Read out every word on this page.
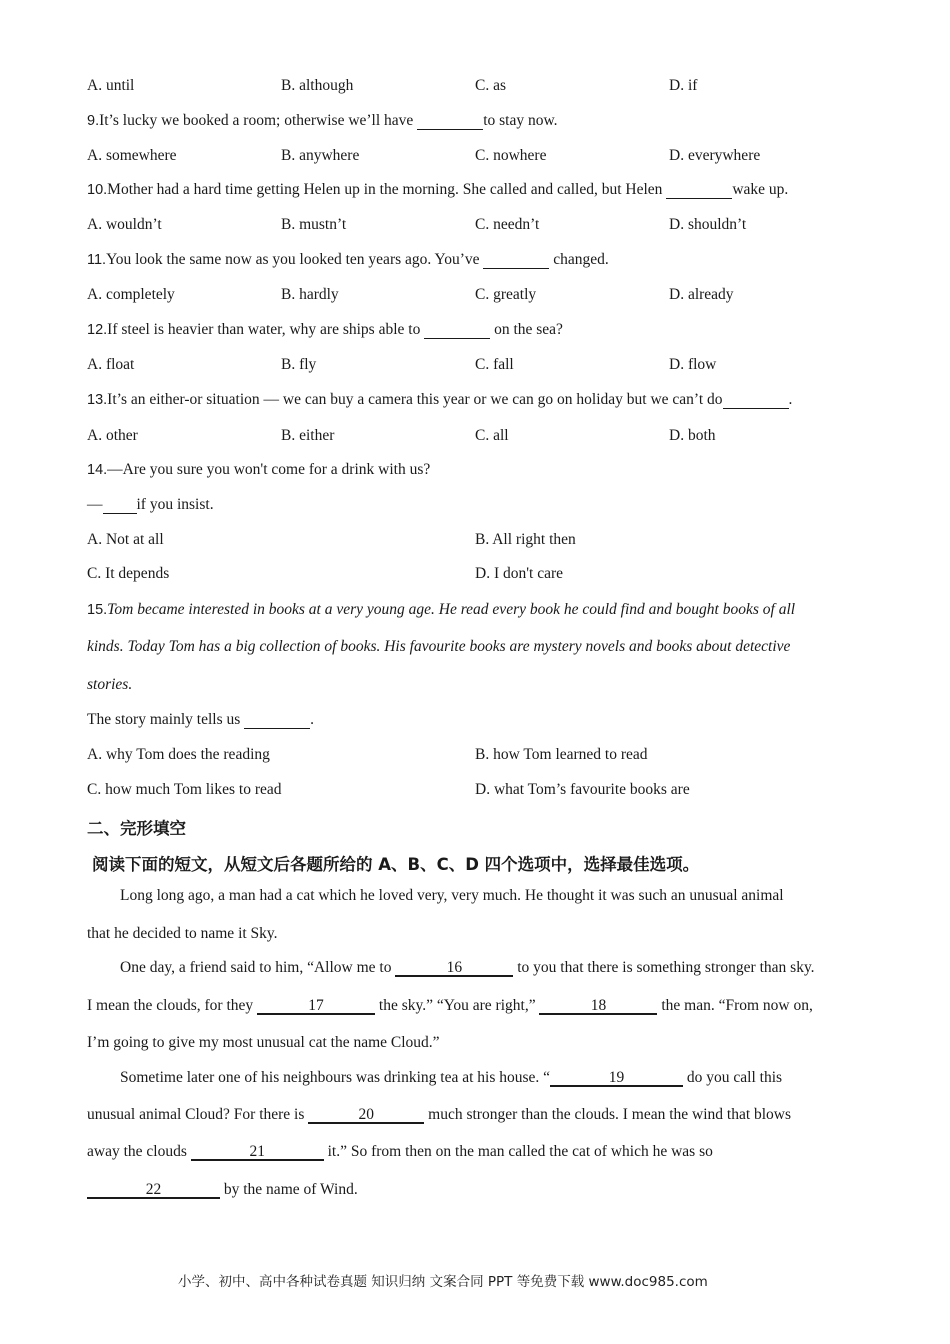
A. until	B. although	C. as	D. if
9.It’s lucky we booked a room; otherwise we’ll have	to stay now.
A. somewhere	B. anywhere	C. nowhere	D. everywhere
10.Mother had a hard time getting Helen up in the morning. She called and called, but Helen	wake up.
A. wouldn’t	B. mustn’t	C. needn’t	D. shouldn’t
11.You look the same now as you looked ten years ago. You’ve	changed.
A. completely	B. hardly	C. greatly	D. already
12.If steel is heavier than water, why are ships able to	on the sea?
A. float	B. fly	C. fall	D. flow
13.It’s an either-or situation — we can buy a camera this year or we can go on holiday but we can’t do	.
A. other	B. either	C. all	D. both
14.—Are you sure you won't come for a drink with us?
— if you insist.
A. Not at all	B. All right then
C. It depends	D. I don't care
15.Tom became interested in books at a very young age. He read every book he could find and bought books of all
kinds. Today Tom has a big collection of books. His favourite books are mystery novels and books about detective
stories.
The story mainly tells us	.
A. why Tom does the reading	B. how Tom learned to read
C. how much Tom likes to read	D. what Tom’s favourite books are
二、完形填空
阅读下面的短文，从短文后各题所给的 A、B、C、D 四个选项中，选择最佳选项。
Long long ago, a man had a cat which he loved very, very much. He thought it was such an unusual animal
that he decided to name it Sky.
One day, a friend said to him, “Allow me to	16	to you that there is something stronger than sky.
I mean the clouds, for they	17	the sky.” “You are right,”	18	the man. “From now on,
I’m going to give my most unusual cat the name Cloud.”
Sometime later one of his neighbours was drinking tea at his house. “	19	do you call this
unusual animal Cloud? For there is	20	much stronger than the clouds. I mean the wind that blows
away the clouds	21	it.” So from then on the man called the cat of which he was so
22	by the name of Wind.
小学、初中、高中各种试卷真题 知识归纳 文案合同 PPT 等免费下载 www.doc985.com
